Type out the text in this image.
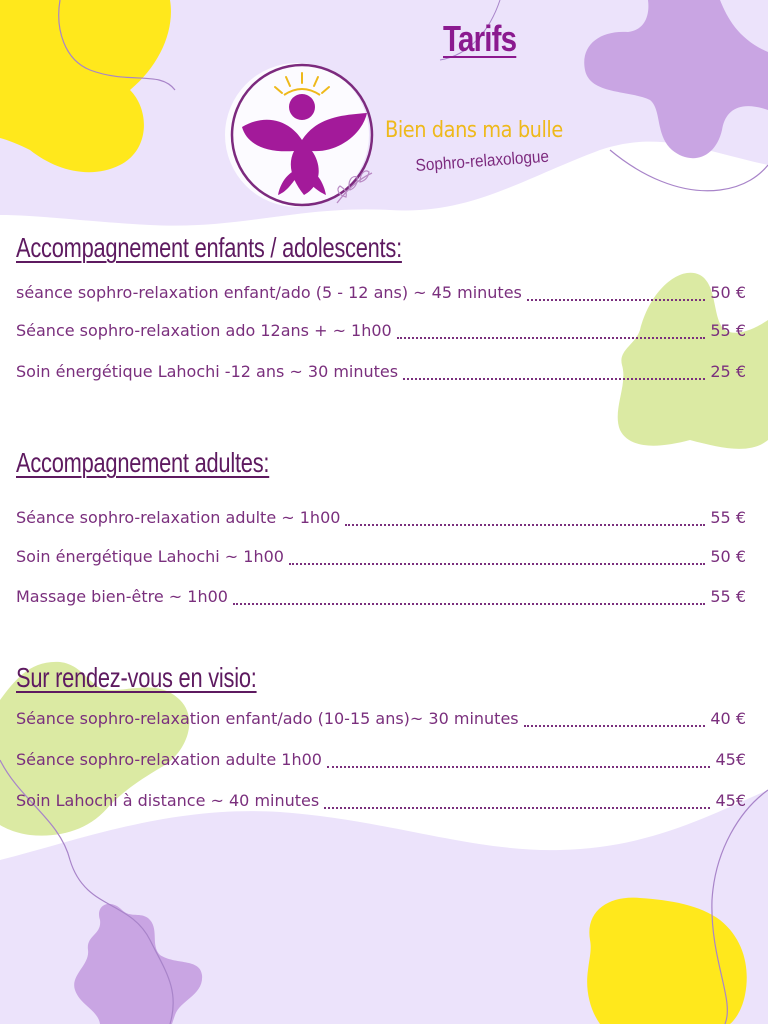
Tarifs
Bien dans ma bulle
Sophro-relaxologue
Accompagnement enfants / adolescents:
séance sophro-relaxation enfant/ado (5 - 12 ans) ~ 45 minutes	50 €
Séance sophro-relaxation ado 12ans + ~ 1h00	55 €
Soin énergétique Lahochi -12 ans ~ 30 minutes	25 €
Accompagnement adultes:
Séance sophro-relaxation adulte ~ 1h00	55 €
Soin énergétique Lahochi ~ 1h00	50 €
Massage bien-être ~ 1h00	55 €
Sur rendez-vous en visio:
Séance sophro-relaxation enfant/ado (10-15 ans)~ 30 minutes	40 €
Séance sophro-relaxation adulte 1h00	45€
Soin Lahochi à distance ~ 40 minutes	45€
